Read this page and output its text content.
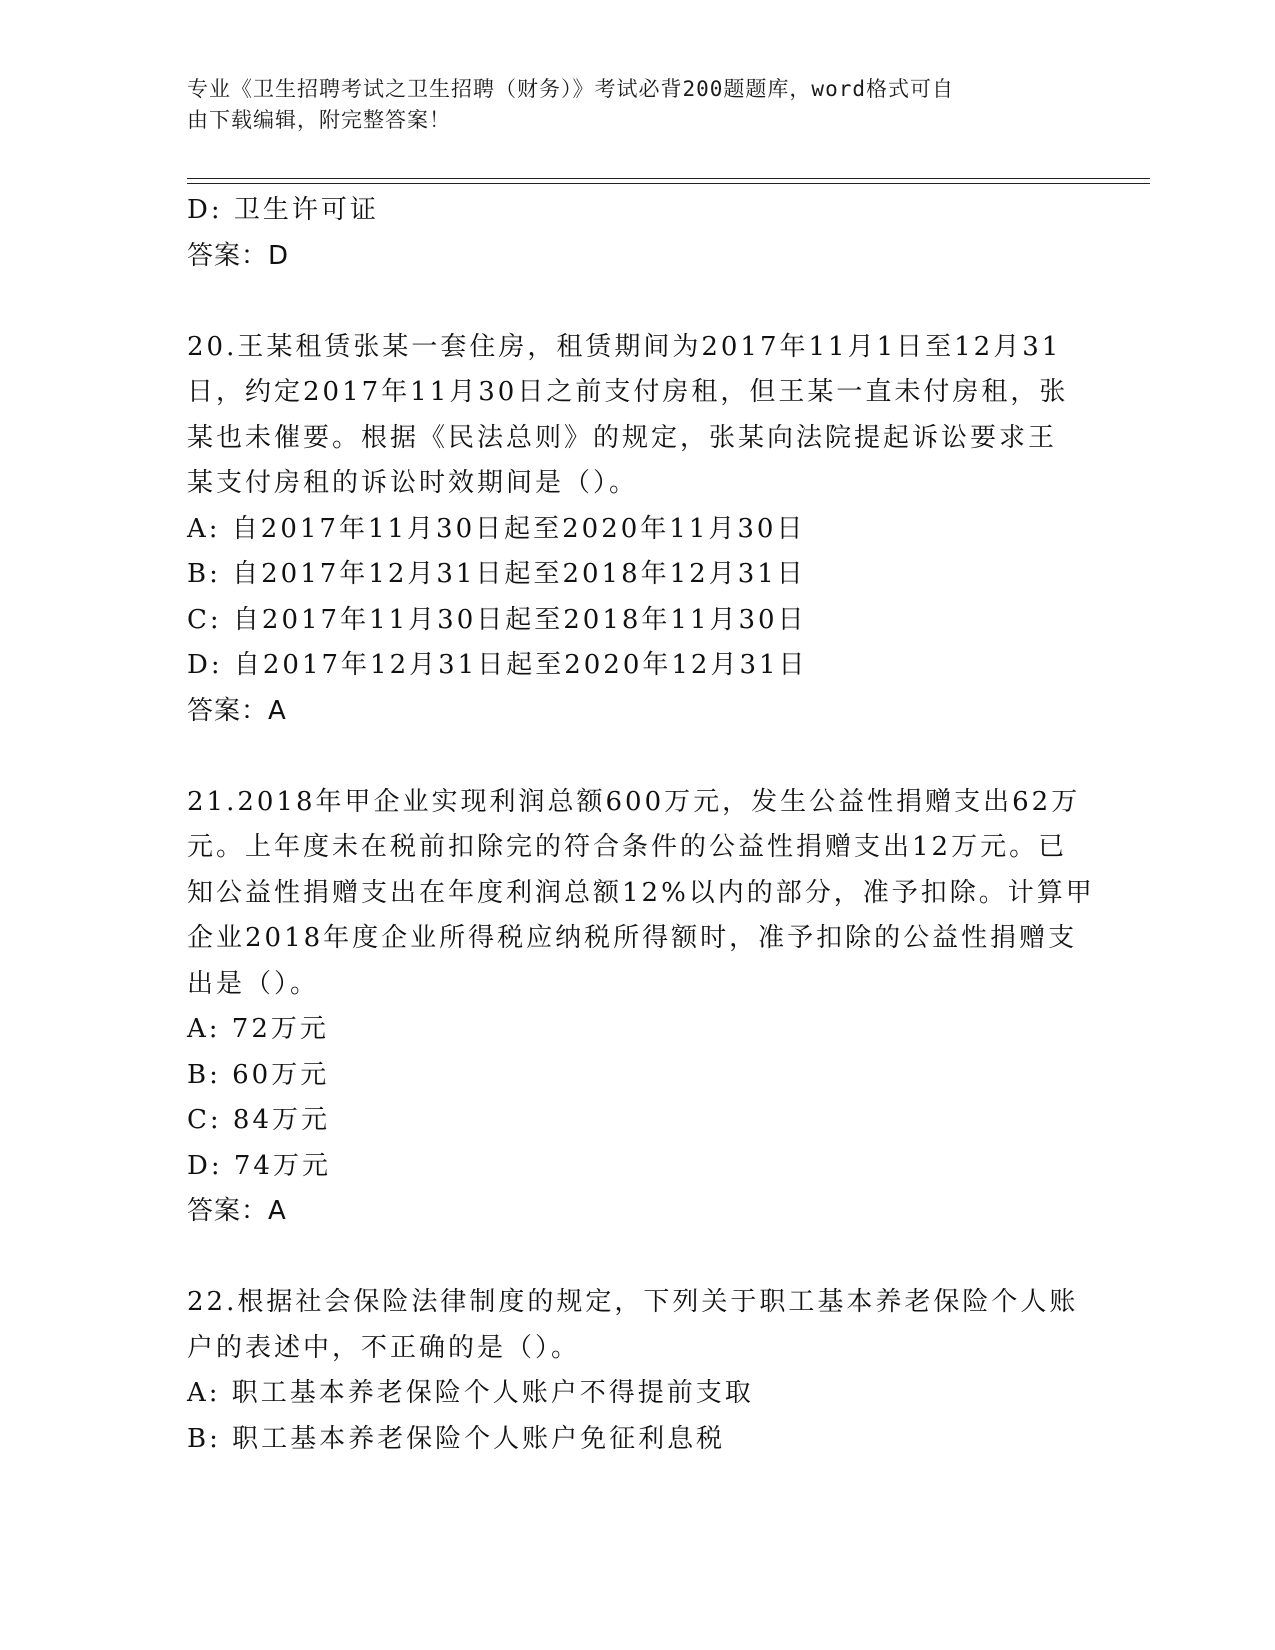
专业《卫生招聘考试之卫生招聘（财务）》考试必背200题题库，word格式可自
由下载编辑，附完整答案！
D: 卫生许可证
答案：D
20.王某租赁张某一套住房，租赁期间为2017年11月1日至12月31
日，约定2017年11月30日之前支付房租，但王某一直未付房租，张
某也未催要。根据《民法总则》的规定，张某向法院提起诉讼要求王
某支付房租的诉讼时效期间是（）。
A: 自2017年11月30日起至2020年11月30日
B: 自2017年12月31日起至2018年12月31日
C: 自2017年11月30日起至2018年11月30日
D: 自2017年12月31日起至2020年12月31日
答案：A
21.2018年甲企业实现利润总额600万元，发生公益性捐赠支出62万
元。上年度未在税前扣除完的符合条件的公益性捐赠支出12万元。已
知公益性捐赠支出在年度利润总额12%以内的部分，准予扣除。计算甲
企业2018年度企业所得税应纳税所得额时，准予扣除的公益性捐赠支
出是（）。
A: 72万元
B: 60万元
C: 84万元
D: 74万元
答案：A
22.根据社会保险法律制度的规定，下列关于职工基本养老保险个人账
户的表述中，不正确的是（）。
A: 职工基本养老保险个人账户不得提前支取
B: 职工基本养老保险个人账户免征利息税
